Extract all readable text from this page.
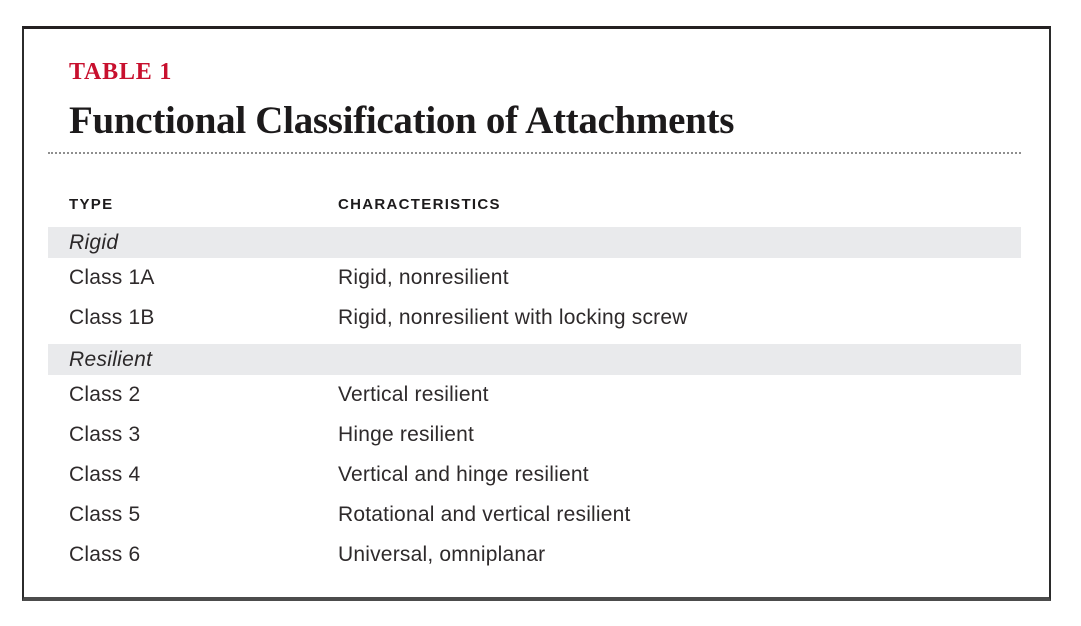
TABLE 1
Functional Classification of Attachments
TYPE	CHARACTERISTICS
Rigid
Class 1A	Rigid, nonresilient
Class 1B	Rigid, nonresilient with locking screw
Resilient
Class 2	Vertical resilient
Class 3	Hinge resilient
Class 4	Vertical and hinge resilient
Class 5	Rotational and vertical resilient
Class 6	Universal, omniplanar
